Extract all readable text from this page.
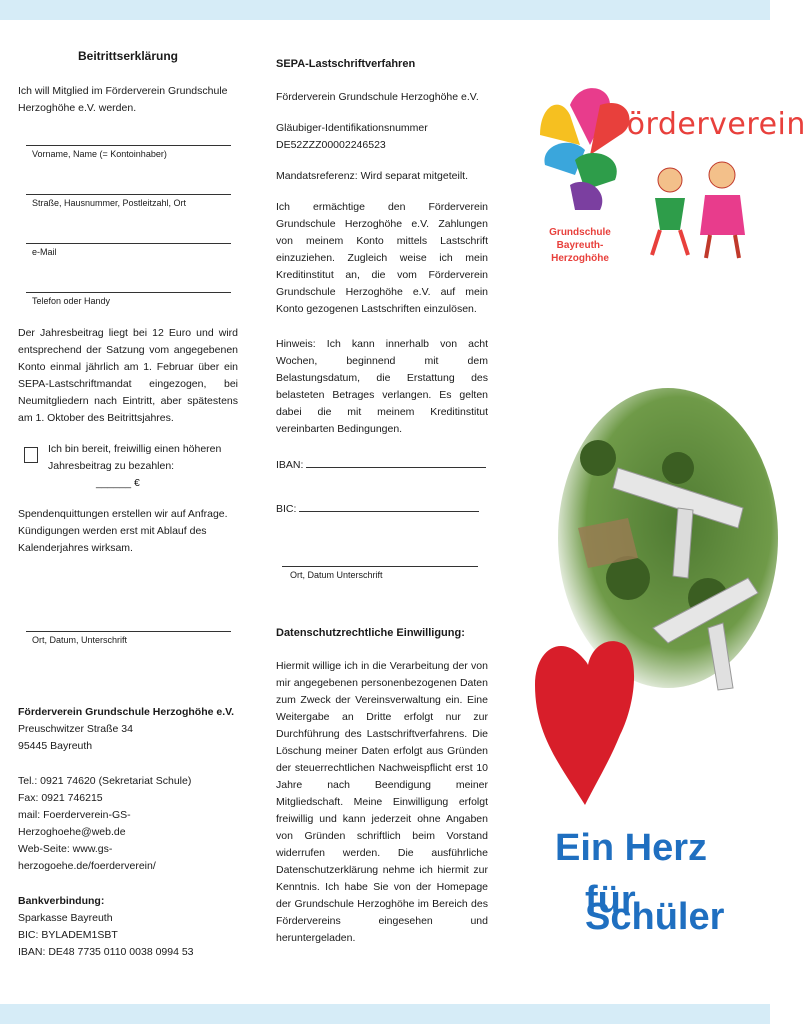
Beitrittserklärung

Ich will Mitglied im Förderverein Grundschule Herzoghöhe e.V. werden.

Vorname, Name (= Kontoinhaber)
Straße, Hausnummer, Postleitzahl, Ort
e-Mail
Telefon oder Handy

Der Jahresbeitrag liegt bei 12 Euro und wird entsprechend der Satzung vom angegebenen Konto einmal jährlich am 1. Februar über ein SEPA-Lastschriftmandat eingezogen, bei Neumitgliedern nach Eintritt, aber spätestens am 1. Oktober des Beitrittsjahres.

Ich bin bereit, freiwillig einen höheren Jahresbeitrag zu bezahlen:

______ €

Spendenquittungen erstellen wir auf Anfrage. Kündigungen werden erst mit Ablauf des Kalenderjahres wirksam.

Ort, Datum, Unterschrift

Förderverein Grundschule Herzoghöhe e.V.

Preuschwitzer Straße 34

95445 Bayreuth

Tel.: 0921 74620 (Sekretariat Schule)

Fax: 0921 746215

mail: Foerderverein-GS-Herzoghoehe@web.de

Web-Seite: www.gs-herzogoehe.de/foerderverein/

Bankverbindung:

Sparkasse Bayreuth

BIC: BYLADEM1SBT

IBAN: DE48 7735 0110 0038 0994 53

SEPA-Lastschriftverfahren

Förderverein Grundschule Herzoghöhe e.V.

Gläubiger-Identifikationsnummer

DE52ZZZ00002246523

Mandatsreferenz: Wird separat mitgeteilt.

Ich ermächtige den Förderverein Grundschule Herzoghöhe e.V. Zahlungen von meinem Konto mittels Lastschrift einzuziehen. Zugleich weise ich mein Kreditinstitut an, die vom Förderverein Grundschule Herzoghöhe e.V. auf mein Konto gezogenen Lastschriften einzulösen.

Hinweis: Ich kann innerhalb von acht Wochen, beginnend mit dem Belastungsdatum, die Erstattung des belasteten Betrages verlangen. Es gelten dabei die mit meinem Kreditinstitut vereinbarten Bedingungen.

IBAN:

BIC:

Ort, Datum Unterschrift

Datenschutzrechtliche Einwilligung:

Hiermit willige ich in die Verarbeitung der von mir angegebenen personenbezogenen Daten zum Zweck der Vereinsverwaltung ein. Eine Weitergabe an Dritte erfolgt nur zur Durchführung des Lastschriftverfahrens. Die Löschung meiner Daten erfolgt aus Gründen der steuerrechtlichen Nachweispflicht erst 10 Jahre nach Beendigung meiner Mitgliedschaft. Meine Einwilligung erfolgt freiwillig und kann jederzeit ohne Angaben von Gründen schriftlich beim Vorstand widerrufen werden. Die ausführliche Datenschutzerklärung nehme ich hiermit zur Kenntnis. Ich habe Sie von der Homepage der Grundschule Herzoghöhe im Bereich des Fördervereins eingesehen und heruntergeladen.

Förderverein
Grundschule
Bayreuth-Herzoghöhe
Ein Herz
für Schüler
